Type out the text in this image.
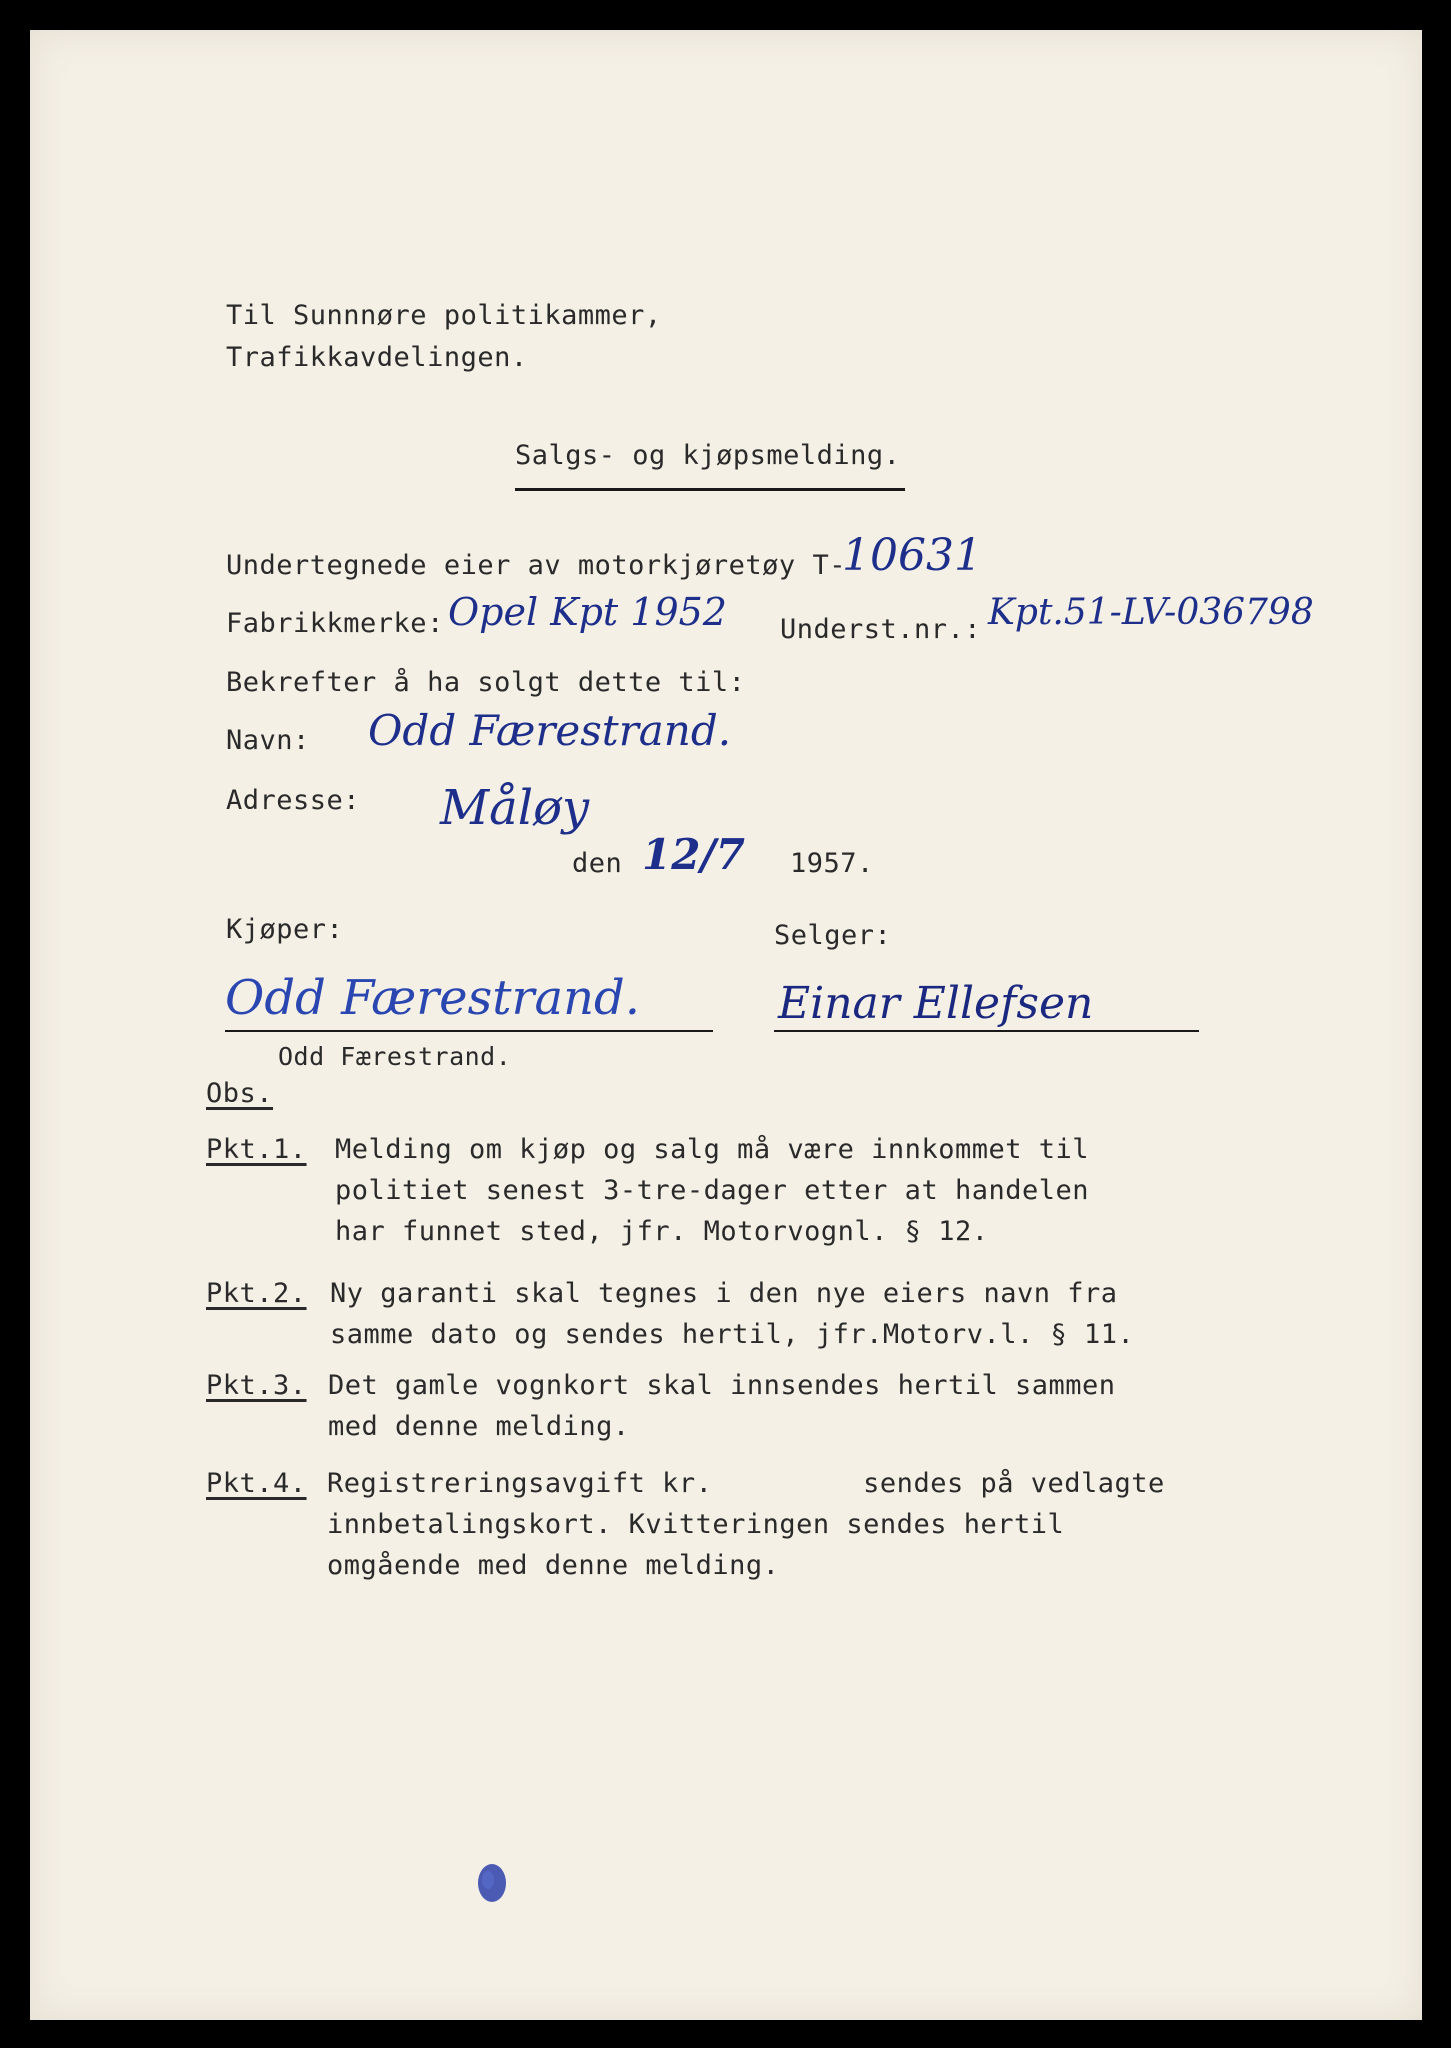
Til Sunnnøre politikammer,
Trafikkavdelingen.
Salgs- og kjøpsmelding.
Undertegnede eier av motorkjøretøy T-
10631
Fabrikkmerke: Opel Kpt 1952 Underst.nr.: Kpt.51-LV-036798
Bekrefter å ha solgt dette til:
Navn: Odd Færestrand.
Adresse: Måløy
den 12/7 1957.
Kjøper:	Selger:
Odd Færestrand.	Einar Ellefsen
Odd Færestrand.
Obs.
Pkt.1. Melding om kjøp og salg må være innkommet til
politiet senest 3-tre-dager etter at handelen
har funnet sted, jfr. Motorvognl. § 12.
Pkt.2. Ny garanti skal tegnes i den nye eiers navn fra
samme dato og sendes hertil, jfr.Motorv.l. § 11.
Pkt.3. Det gamle vognkort skal innsendes hertil sammen
med denne melding.
Pkt.4. Registreringsavgift kr.         sendes på vedlagte
innbetalingskort. Kvitteringen sendes hertil
omgående med denne melding.
